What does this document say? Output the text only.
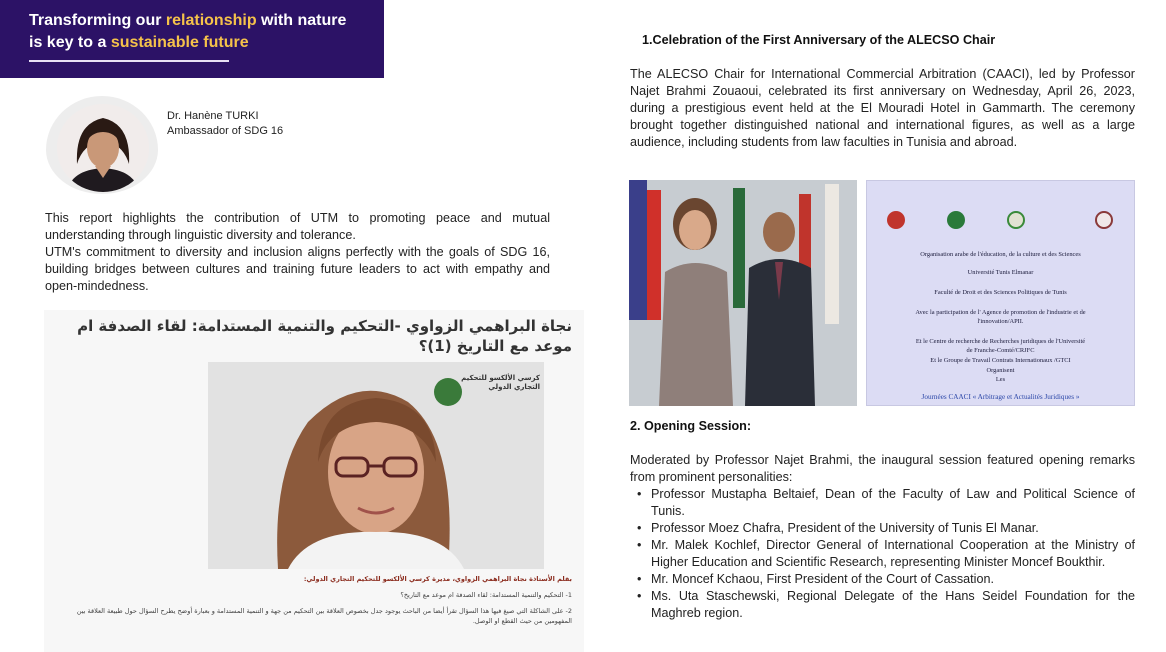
Transforming our relationship with nature
is key to a sustainable future
Dr. Hanène TURKI
Ambassador of SDG 16

This report highlights the contribution of UTM to promoting peace and mutual understanding through linguistic diversity and tolerance.

UTM's commitment to diversity and inclusion aligns perfectly with the goals of SDG 16, building bridges between cultures and training future leaders to act with empathy and open-mindedness.

نجاة البراهمي الزواوي -التحكيم والتنمية المستدامة: لقاء الصدفة ام موعد مع التاريخ (1)؟
كرسي الألكسو للتحكيم التجاري الدولي
بقلم الأستاذة نجاة البراهمي الزواوي، مديرة كرسي الألكسو للتحكيم التجاري الدولي:
1- التحكيم والتنمية المستدامة: لقاء الصدفة ام موعد مع التاريخ؟
2- على الشاكلة التي صيغ فيها هذا السؤال تقرأ أيضا من الباحث يوجود جدل بخصوص العلاقة بين التحكيم من جهة و التنمية المستدامة و بعبارة أوضح يطرح السؤال حول طبيعة العلاقة بين المفهومين من حيث القطع او الوصل.
1.Celebration of the First Anniversary of the ALECSO Chair

The ALECSO Chair for International Commercial Arbitration (CAACI), led by Professor Najet Brahmi Zouaoui, celebrated its first anniversary on Wednesday, April 26, 2023, during a prestigious event held at the El Mouradi Hotel in Gammarth. The ceremony brought together distinguished national and international figures, as well as a large audience, including students from law faculties in Tunisia and abroad.

Organisation arabe de l'éducation, de la culture et des Sciences
Université Tunis Elmanar
Faculté de Droit et des Sciences Politiques de Tunis
Avec la participation de l' Agence de promotion de l'industrie et de
l'innovation/APII.
Et le Centre de recherche de Recherches juridiques de l'Université
de Franche-Comté/CRJFC
Et le Groupe de Travail Contrats Internationaux /GTCI
Organisent
Les
Journées CAACI « Arbitrage et Actualités Juridiques »
2. Opening Session:

Moderated by Professor Najet Brahmi, the inaugural session featured opening remarks from prominent personalities:

• Professor Mustapha Beltaief, Dean of the Faculty of Law and Political Science of Tunis.
• Professor Moez Chafra, President of the University of Tunis El Manar.
• Mr. Malek Kochlef, Director General of International Cooperation at the Ministry of Higher Education and Scientific Research, representing Minister Moncef Boukthir.
• Mr. Moncef Kchaou, First President of the Court of Cassation.
• Ms. Uta Staschewski, Regional Delegate of the Hans Seidel Foundation for the Maghreb region.
